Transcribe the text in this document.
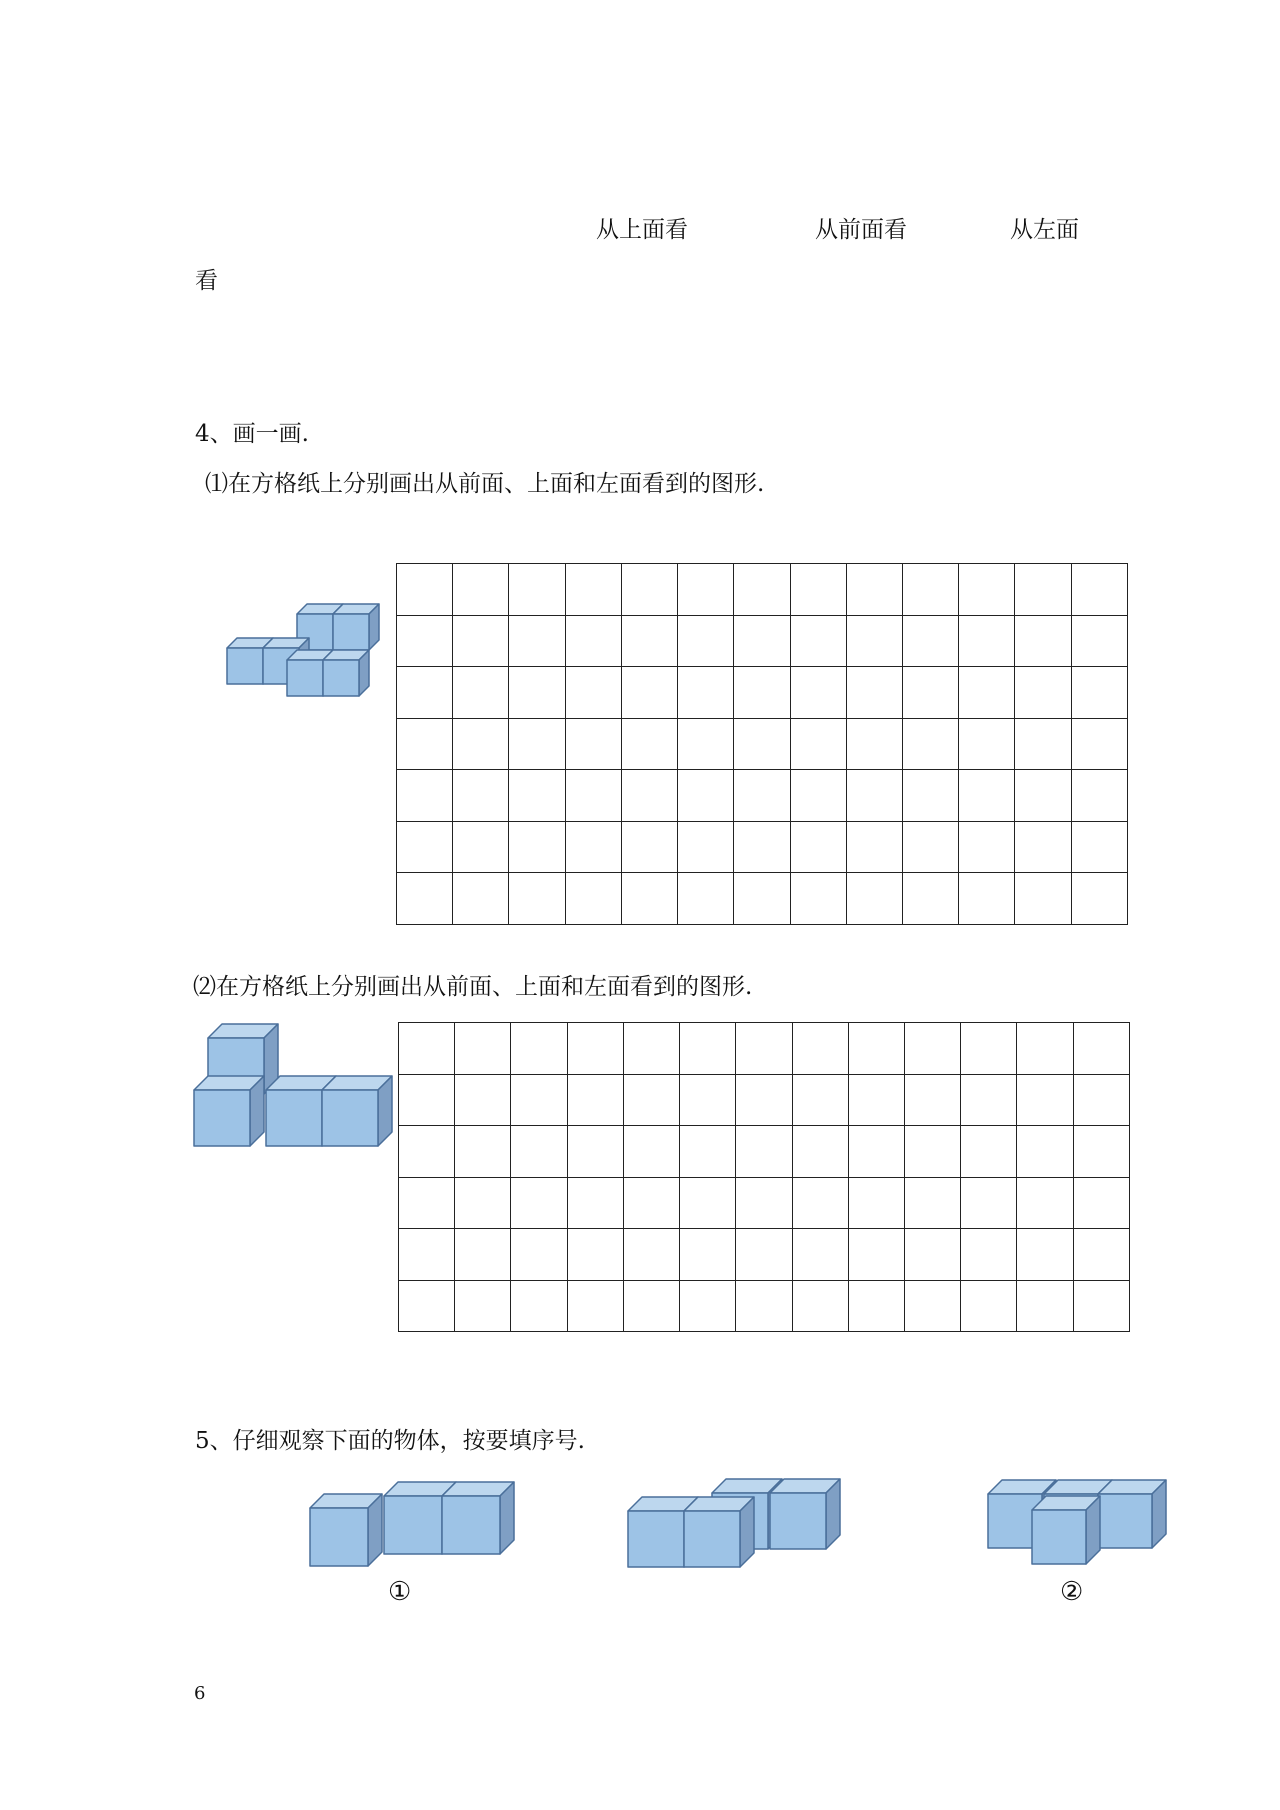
从上面看	从前面看	从左面
看
4、画一画.
⑴在方格纸上分别画出从前面、上面和左面看到的图形.

⑵在方格纸上分别画出从前面、上面和左面看到的图形.

5、仔细观察下面的物体，按要填序号.
①	②
6
